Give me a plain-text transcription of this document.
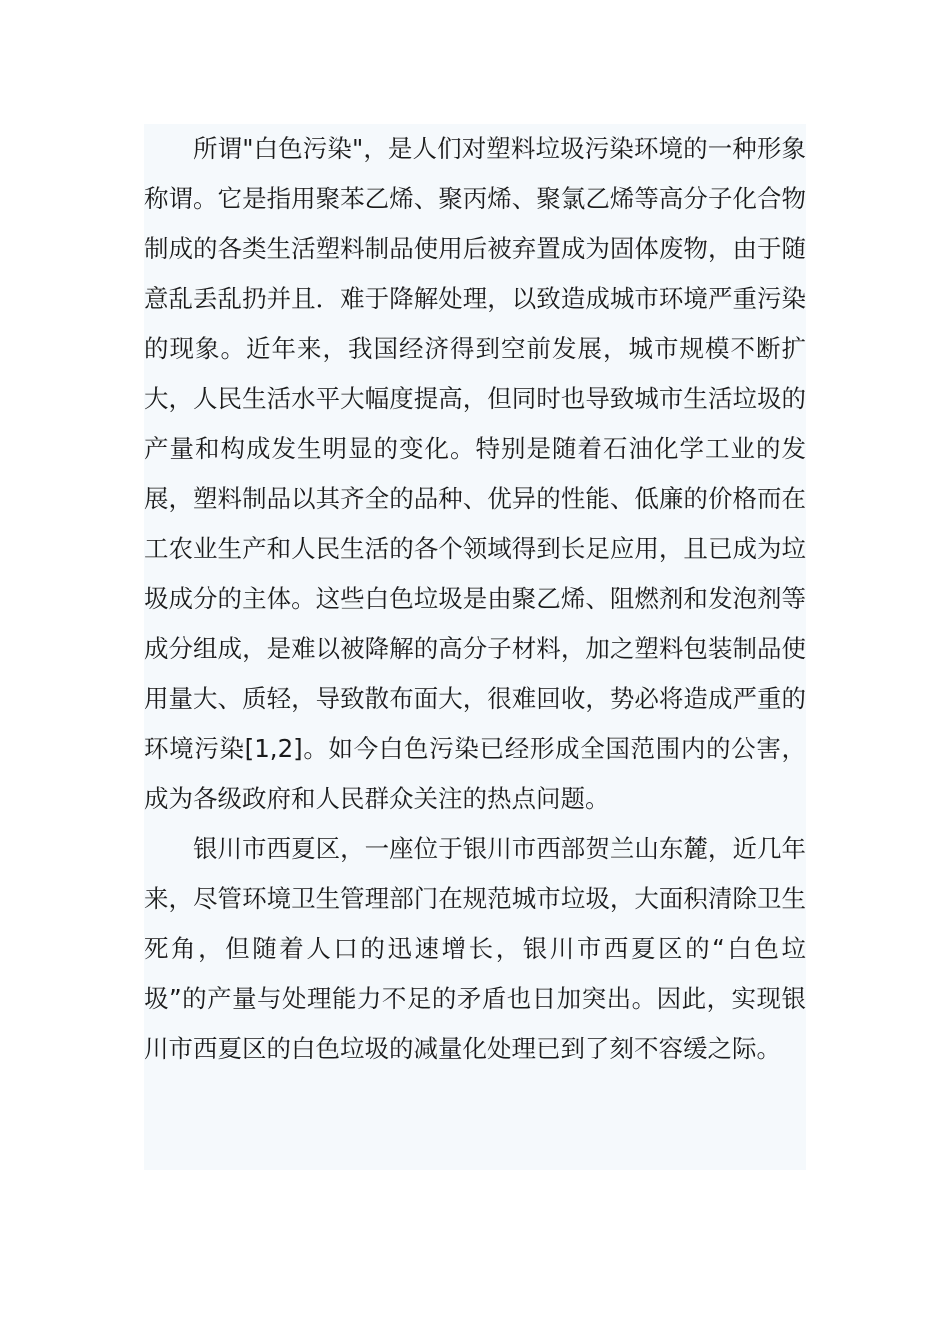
所谓"白色污染"，是人们对塑料垃圾污染环境的一种形象称谓。它是指用聚苯乙烯、聚丙烯、聚氯乙烯等高分子化合物制成的各类生活塑料制品使用后被弃置成为固体废物，由于随意乱丢乱扔并且．难于降解处理，以致造成城市环境严重污染的现象。近年来，我国经济得到空前发展，城市规模不断扩大，人民生活水平大幅度提高，但同时也导致城市生活垃圾的产量和构成发生明显的变化。特别是随着石油化学工业的发展，塑料制品以其齐全的品种、优异的性能、低廉的价格而在工农业生产和人民生活的各个领域得到长足应用，且已成为垃圾成分的主体。这些白色垃圾是由聚乙烯、阻燃剂和发泡剂等成分组成，是难以被降解的高分子材料，加之塑料包装制品使用量大、质轻，导致散布面大，很难回收，势必将造成严重的环境污染[1,2]。如今白色污染已经形成全国范围内的公害，成为各级政府和人民群众关注的热点问题。

银川市西夏区，一座位于银川市西部贺兰山东麓，近几年来，尽管环境卫生管理部门在规范城市垃圾，大面积清除卫生死角，但随着人口的迅速增长，银川市西夏区的“白色垃圾”的产量与处理能力不足的矛盾也日加突出。因此，实现银川市西夏区的白色垃圾的减量化处理已到了刻不容缓之际。
